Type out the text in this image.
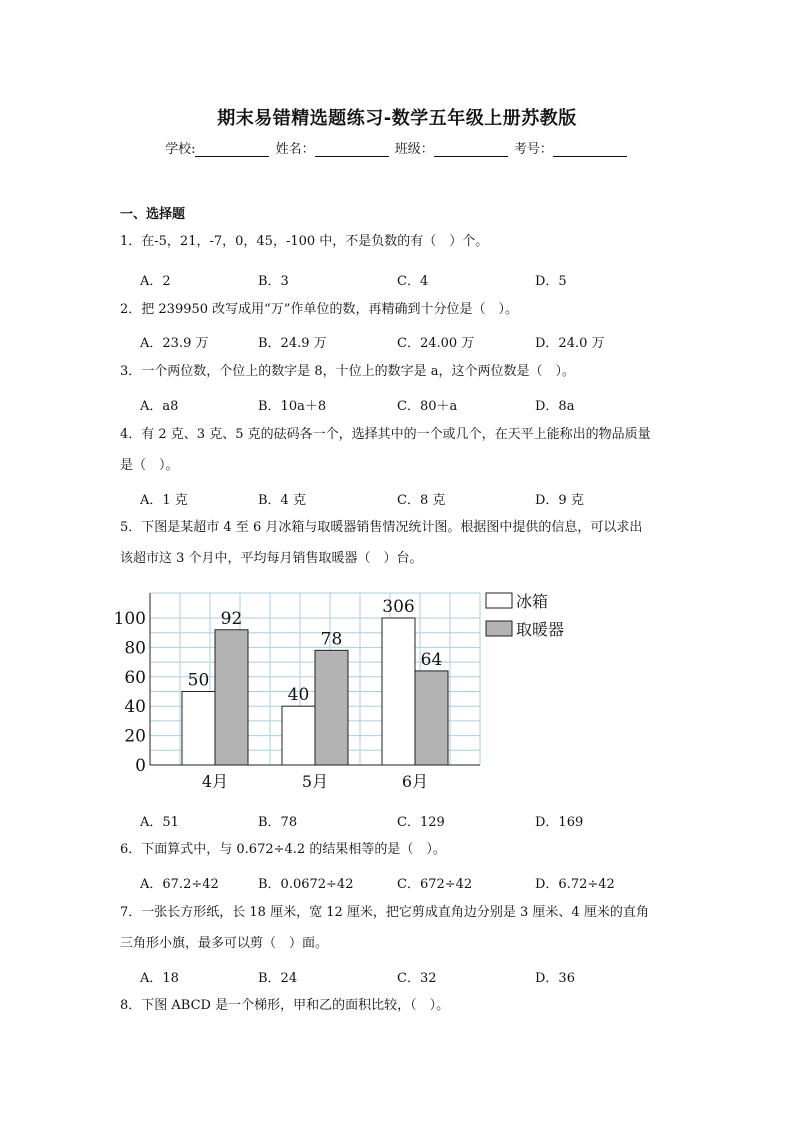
期末易错精选题练习-数学五年级上册苏教版
学校:	姓名：	班级：	考号：
一、选择题
1．在-5，21，-7，0，45，-100 中，不是负数的有（　）个。
A．2	B．3	C．4	D．5
2．把 239950 改写成用“万”作单位的数，再精确到十分位是（　）。
A．23.9 万	B．24.9 万	C．24.00 万	D．24.0 万
3．一个两位数，个位上的数字是 8，十位上的数字是 a，这个两位数是（　）。
A．a8	B．10a＋8	C．80＋a	D．8a
4．有 2 克、3 克、5 克的砝码各一个，选择其中的一个或几个，在天平上能称出的物品质量
是（　）。
A．1 克	B．4 克	C．8 克	D．9 克
5．下图是某超市 4 至 6 月冰箱与取暖器销售情况统计图。根据图中提供的信息，可以求出
该超市这 3 个月中，平均每月销售取暖器（　）台。
0
20
40
60
80
100
50
92
4月
40
78
5月
306
64
6月
冰箱
取暖器
A．51	B．78	C．129	D．169
6．下面算式中，与 0.672÷4.2 的结果相等的是（　）。
A．67.2÷42	B．0.0672÷42	C．672÷42	D．6.72÷42
7．一张长方形纸，长 18 厘米，宽 12 厘米，把它剪成直角边分别是 3 厘米、4 厘米的直角
三角形小旗，最多可以剪（　）面。
A．18	B．24	C．32	D．36
8．下图 ABCD 是一个梯形，甲和乙的面积比较，（　）。
